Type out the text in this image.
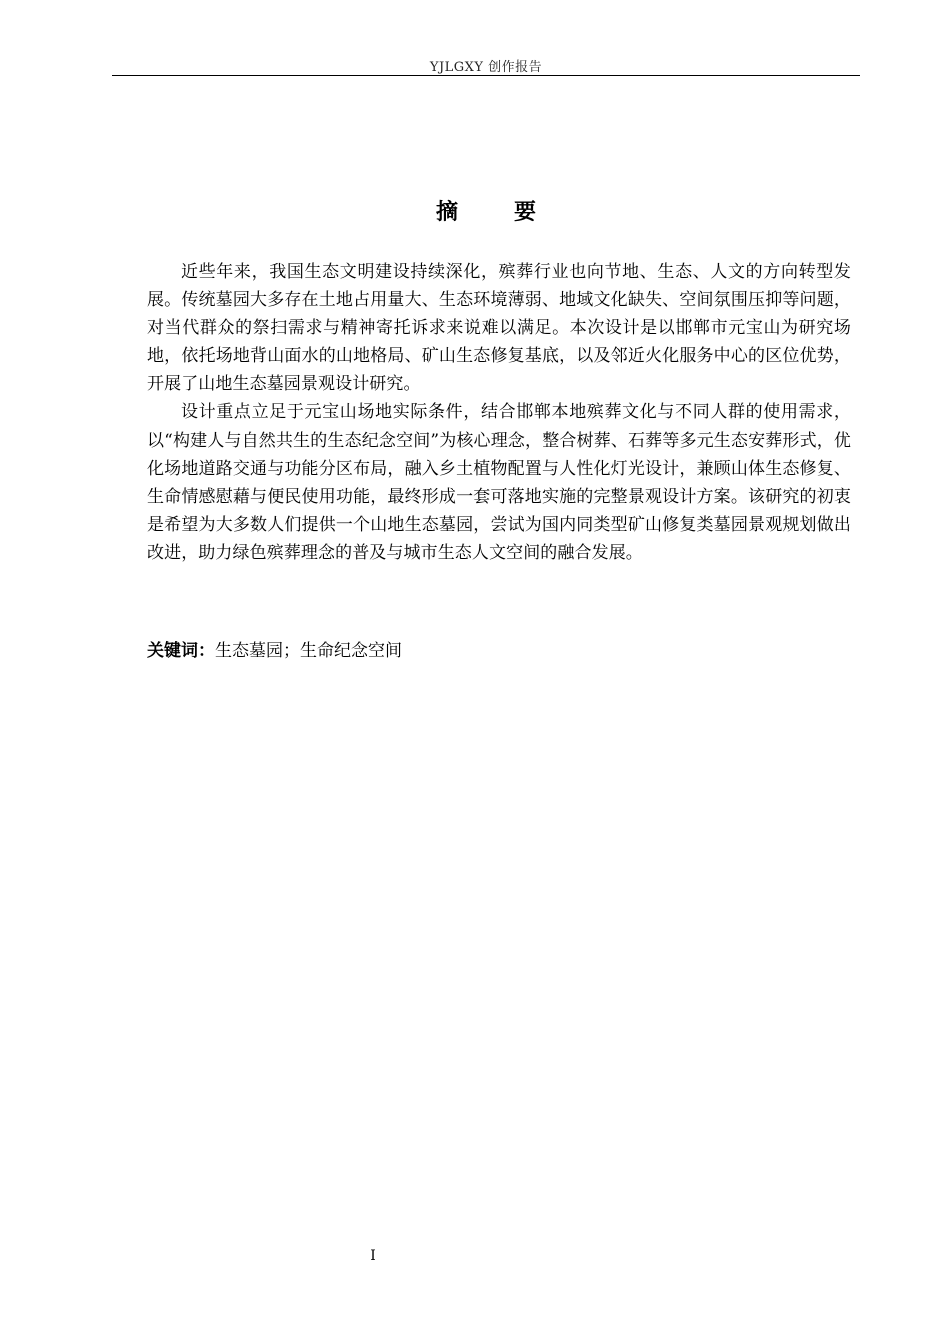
YJLGXY 创作报告
摘要

近些年来，我国生态文明建设持续深化，殡葬行业也向节地、生态、人文的方向转型发展。传统墓园大多存在土地占用量大、生态环境薄弱、地域文化缺失、空间氛围压抑等问题，对当代群众的祭扫需求与精神寄托诉求来说难以满足。本次设计是以邯郸市元宝山为研究场地，依托场地背山面水的山地格局、矿山生态修复基底，以及邻近火化服务中心的区位优势，开展了山地生态墓园景观设计研究。

设计重点立足于元宝山场地实际条件，结合邯郸本地殡葬文化与不同人群的使用需求，以“构建人与自然共生的生态纪念空间”为核心理念，整合树葬、石葬等多元生态安葬形式，优化场地道路交通与功能分区布局，融入乡土植物配置与人性化灯光设计，兼顾山体生态修复、生命情感慰藉与便民使用功能，最终形成一套可落地实施的完整景观设计方案。该研究的初衷是希望为大多数人们提供一个山地生态墓园，尝试为国内同类型矿山修复类墓园景观规划做出改进，助力绿色殡葬理念的普及与城市生态人文空间的融合发展。

关键词：生态墓园；生命纪念空间
I
